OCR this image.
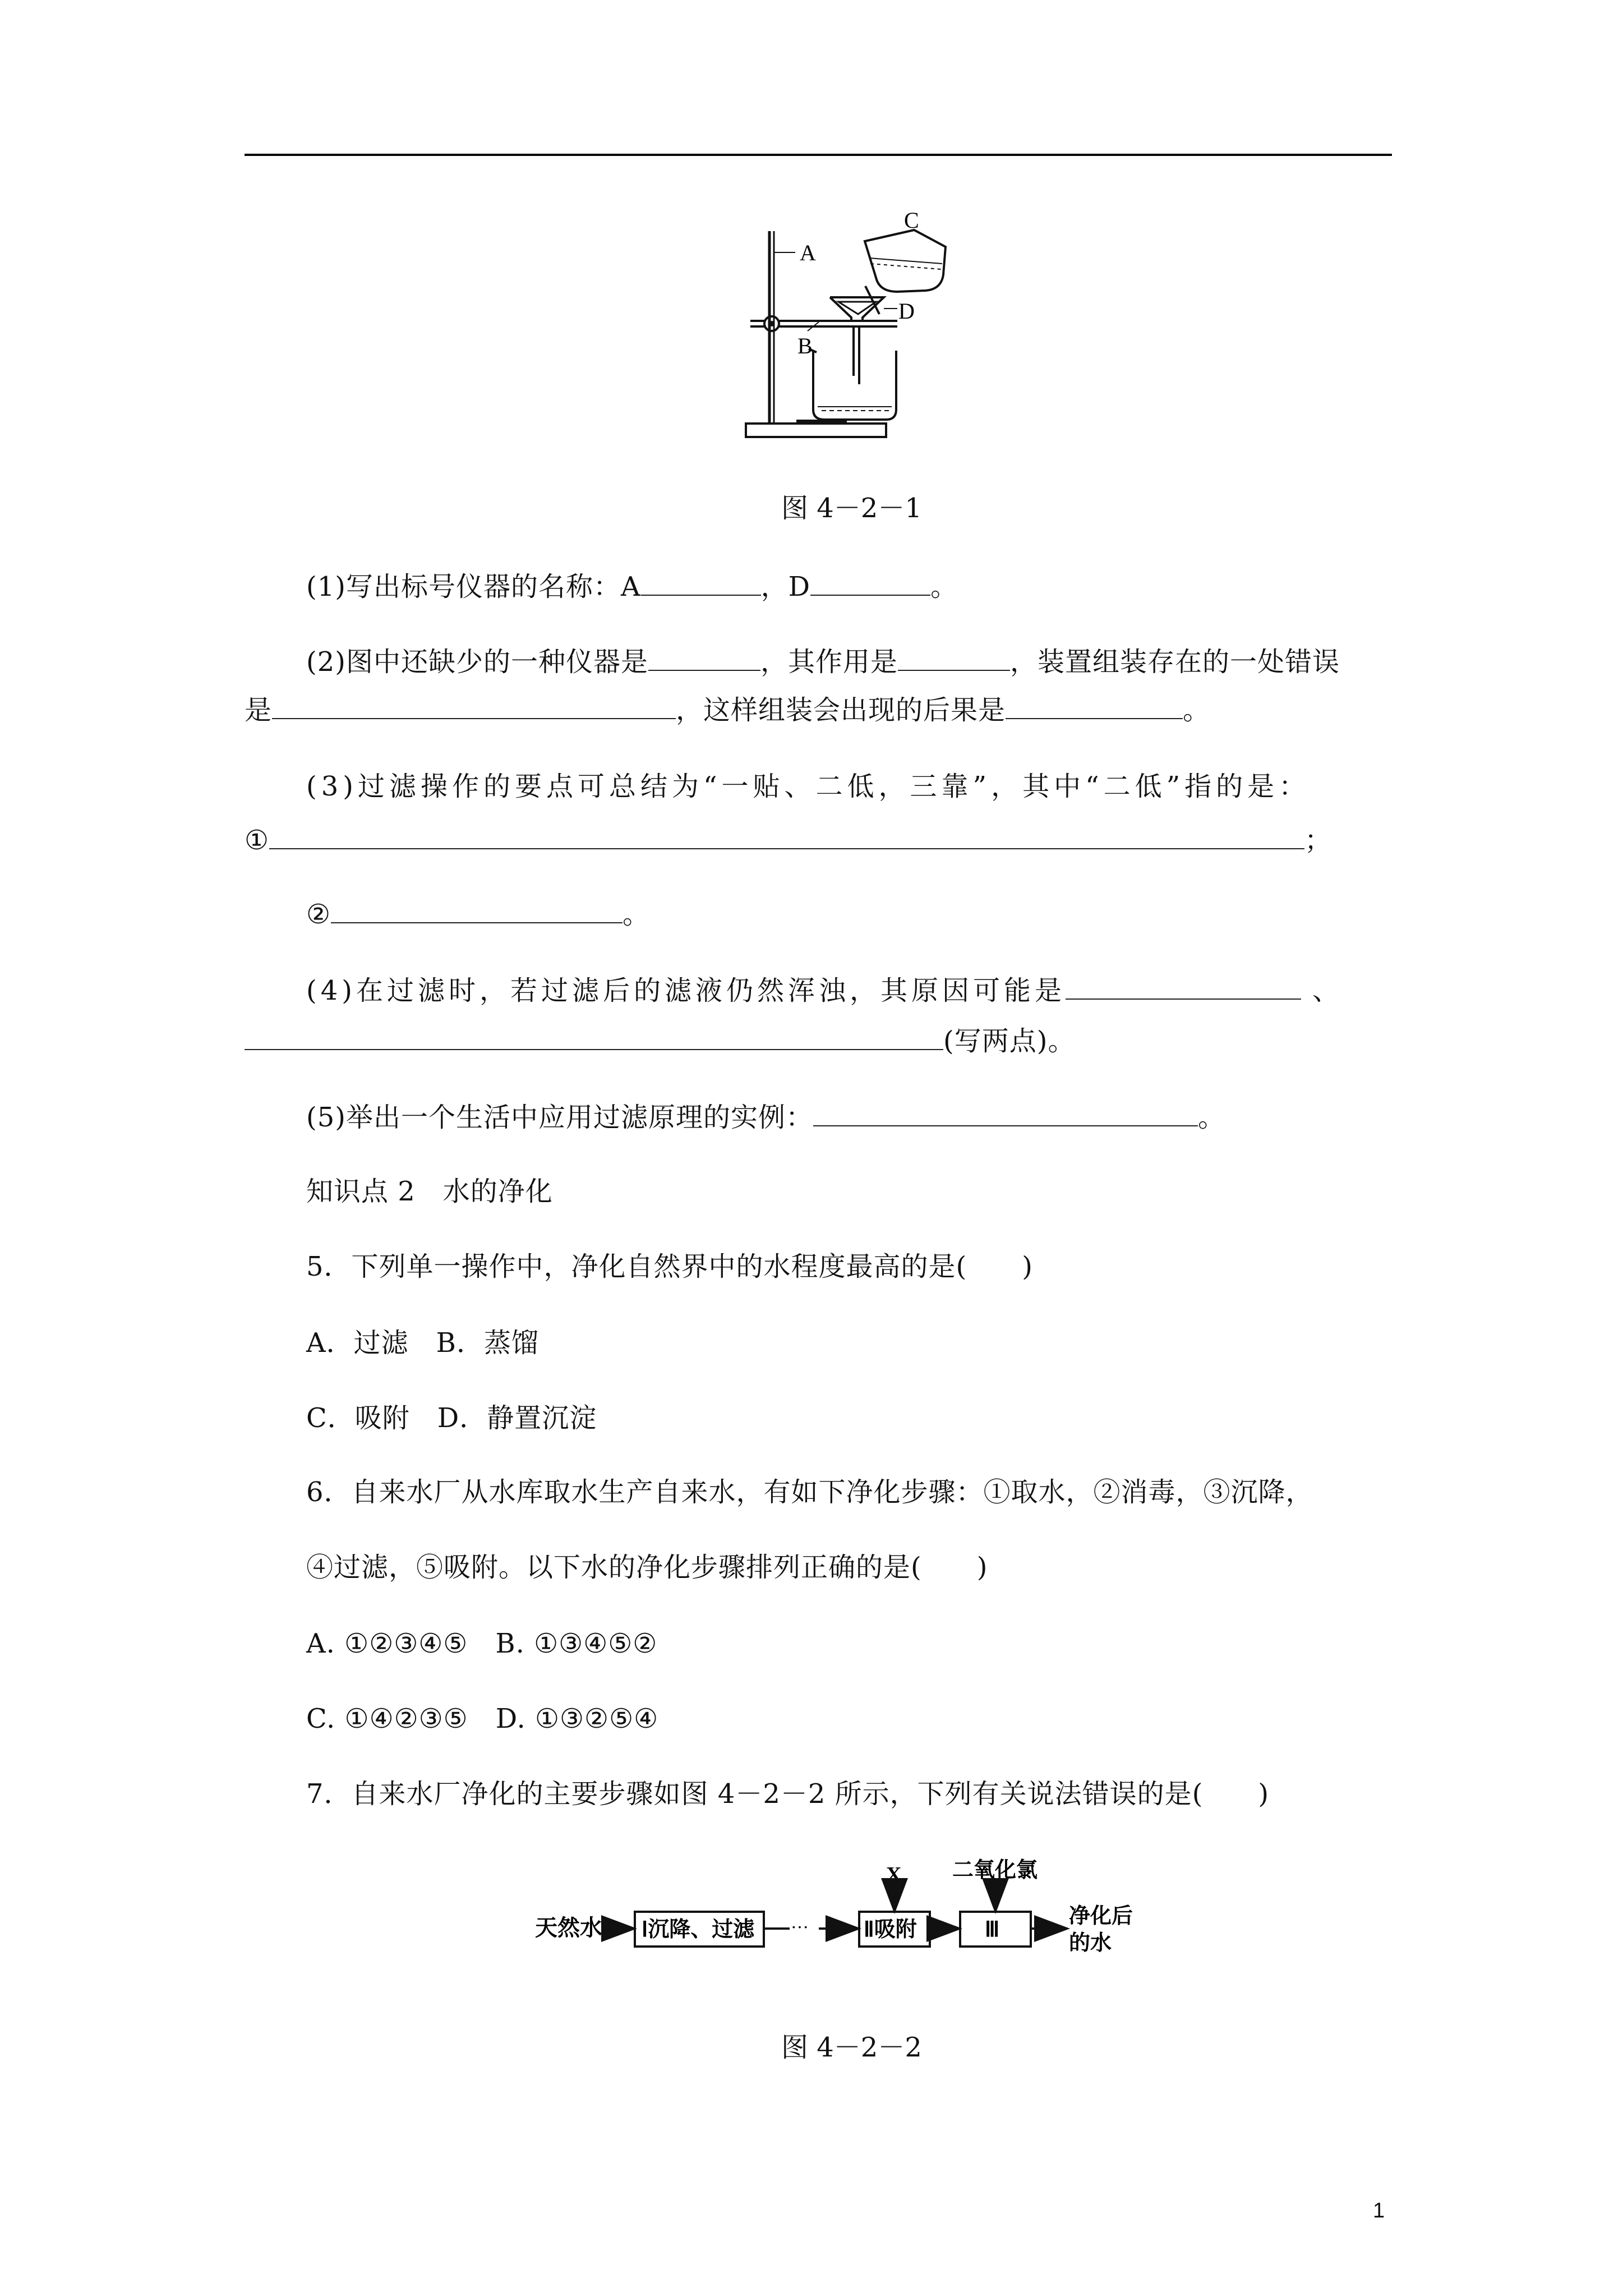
A
B
C
D
图 4－2－1
(1)写出标号仪器的名称：A	，D	。
(2)图中还缺少的一种仪器是	，其作用是	，装置组装存在的一处错误
是	，这样组装会出现的后果是	。
(3)过滤操作的要点可总结为“一贴、二低，三靠”，其中“二低”指的是：
①	；
②	。
(4)在过滤时，若过滤后的滤液仍然浑浊，其原因可能是	、
(写两点)。
(5)举出一个生活中应用过滤原理的实例：	。
知识点 2　水的净化
5．下列单一操作中，净化自然界中的水程度最高的是(　　)
A．过滤　B．蒸馏
C．吸附　D．静置沉淀
6．自来水厂从水库取水生产自来水，有如下净化步骤：①取水，②消毒，③沉降，
④过滤，⑤吸附。以下水的净化步骤排列正确的是(　　)
A. ①②③④⑤　B. ①③④⑤②
C. ①④②③⑤　D. ①③②⑤④
7．自来水厂净化的主要步骤如图 4－2－2 所示，下列有关说法错误的是(　　)
天然水 Ⅰ沉降、过滤 ···	Ⅱ吸附	Ⅲ
X 二氧化氯
净化后
的水
图 4－2－2
1
